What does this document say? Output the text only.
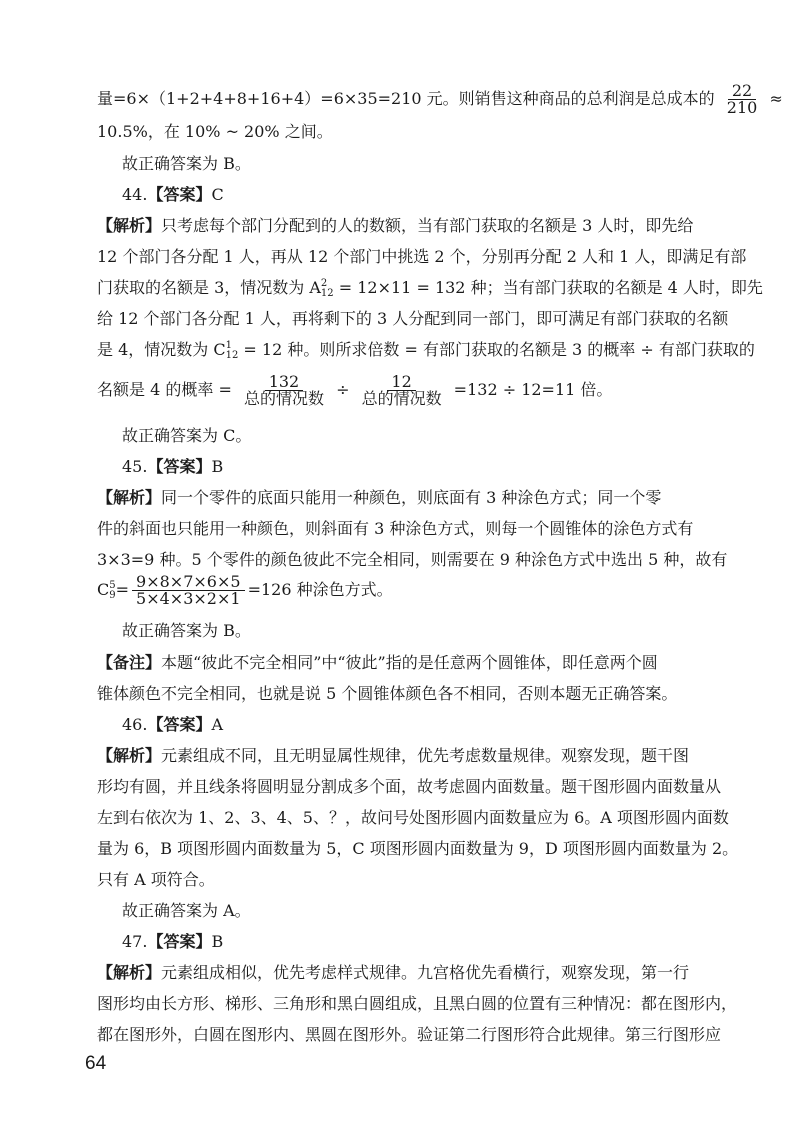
量=6×（1+2+4+8+16+4）=6×35=210 元。则销售这种商品的总利润是总成本的 $\frac{22}{210}$ ≈
10.5%，在 10% ~ 20% 之间。
故正确答案为 B。
44.【答案】C
【解析】只考虑每个部门分配到的人的数额，当有部门获取的名额是 3 人时，即先给
12 个部门各分配 1 人，再从 12 个部门中挑选 2 个，分别再分配 2 人和 1 人，即满足有部
门获取的名额是 3，情况数为 A 2
12 = 12×11 = 132 种；当有部门获取的名额是 4 人时，即先
给 12 个部门各分配 1 人，再将剩下的 3 人分配到同一部门，即可满足有部门获取的名额
是 4，情况数为 C 1
12 = 12 种。则所求倍数 = 有部门获取的名额是 3 的概率 ÷ 有部门获取的
名额是 4 的概率 = $\frac{132}{\text{总的情况数}} \div \frac{12}{\text{总的情况数}} =132 \div 12=11$ 倍。
故正确答案为 C。
45.【答案】B
【解析】同一个零件的底面只能用一种颜色，则底面有 3 种涂色方式；同一个零
件的斜面也只能用一种颜色，则斜面有 3 种涂色方式，则每一个圆锥体的涂色方式有
3×3=9 种。5 个零件的颜色彼此不完全相同，则需要在 9 种涂色方式中选出 5 种，故有
C 5
$9 = \frac{9\times 8\times 7\times 6\times 5}{5\times 4\times 3\times 2\times 1} =126$ 种涂色方式。
故正确答案为 B。
【备注】本题“彼此不完全相同”中“彼此”指的是任意两个圆锥体，即任意两个圆
锥体颜色不完全相同，也就是说 5 个圆锥体颜色各不相同，否则本题无正确答案。
46.【答案】A
【解析】元素组成不同，且无明显属性规律，优先考虑数量规律。观察发现，题干图
形均有圆，并且线条将圆明显分割成多个面，故考虑圆内面数量。题干图形圆内面数量从
左到右依次为 1、2、3、4、5、？，故问号处图形圆内面数量应为 6。A 项图形圆内面数
量为 6，B 项图形圆内面数量为 5，C 项图形圆内面数量为 9，D 项图形圆内面数量为 2。
只有 A 项符合。
故正确答案为 A。
47.【答案】B
【解析】元素组成相似，优先考虑样式规律。九宫格优先看横行，观察发现，第一行
图形均由长方形、梯形、三角形和黑白圆组成，且黑白圆的位置有三种情况：都在图形内，
都在图形外，白圆在图形内、黑圆在图形外。验证第二行图形符合此规律。第三行图形应
64
